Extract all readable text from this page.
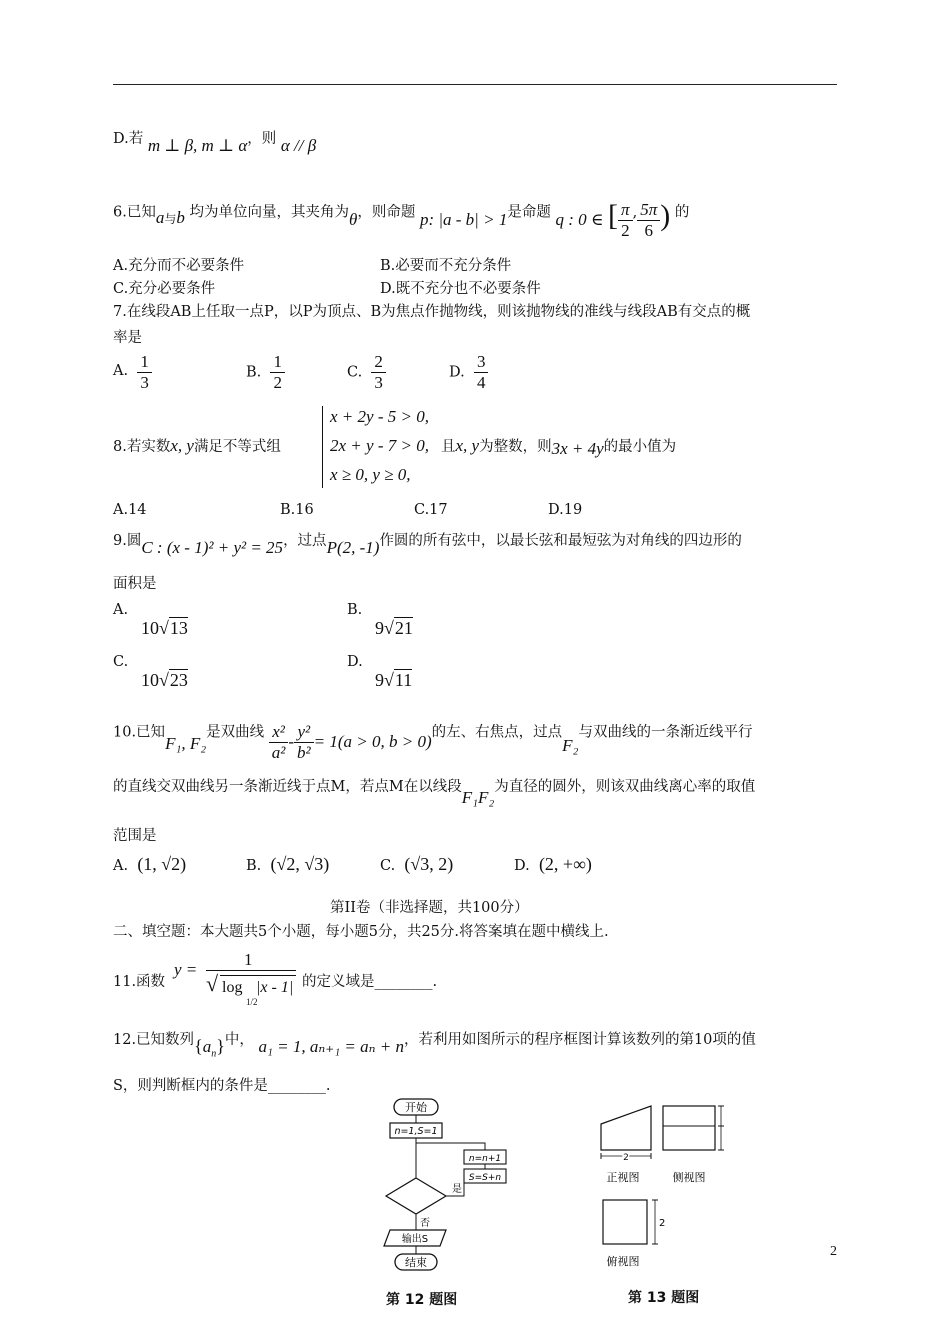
D.若 m ⊥ β, m ⊥ α，则 α // β
6.已知$a_与b$ 均为单位向量，其夹角为θ，则命题 p: |a - b| > 1是命题 q : 0 ∈ [ $\frac{\pi}{2}$ , $\frac{5\pi}{6}$ ) 的
A.充分而不必要条件	B.必要而不充分条件
C.充分必要条件	D.既不充分也不必要条件
7.在线段AB上任取一点P，以P为顶点、B为焦点作抛物线，则该抛物线的准线与线段AB有交点的概
率是
A. $\frac{1}{3}$	B. $\frac{1}{2}$	C. $\frac{2}{3}$	D. $\frac{3}{4}$
x + 2y - 5 > 0,
2x + y - 7 > 0,
x ≥ 0, y ≥ 0,
8.若实数x, y满足不等式组	且x, y为整数，则3x + 4y的最小值为
A.14	B.16	C.17	D.19
9.圆C : (x - 1)² + y² = 25，过点P(2, -1)作圆的所有弦中，以最长弦和最短弦为对角线的四边形的
面积是
A.
10√13
B.
9√21
C.
10√23
D.
9√11
10.已知F₁, F₂是双曲线 $\frac{\text{x²}}{\text{a²}} - \frac{\text{y²}}{\text{b²}} = 1(a > 0$, b > 0)的左、右焦点，过点F₂与双曲线的一条渐近线平行
的直线交双曲线另一条渐近线于点M，若点M在以线段F₁F₂为直径的圆外，则该双曲线离心率的取值
范围是
A. (1, √2)	B. (√2, √3)	C. (√3, 2)	D. (2, +∞)
第II卷（非选择题，共100分）
二、填空题：本大题共5个小题，每小题5分，共25分.将答案填在题中横线上.
11.函数
y =
1
√ log
1/2
|x - 1| 的定义域是________.
12.已知数列$\{a_n\}$中， a₁ = 1, aₙ₊₁ = aₙ + n，若利用如图所示的程序框图计算该数列的第10项的值
S，则判断框内的条件是________.
开始
n=1,S=1
是
n=n+1
S=S+n
否
输出S
结束
第 12 题图
2
正视图	侧视图
2
俯视图
第 13 题图
2
